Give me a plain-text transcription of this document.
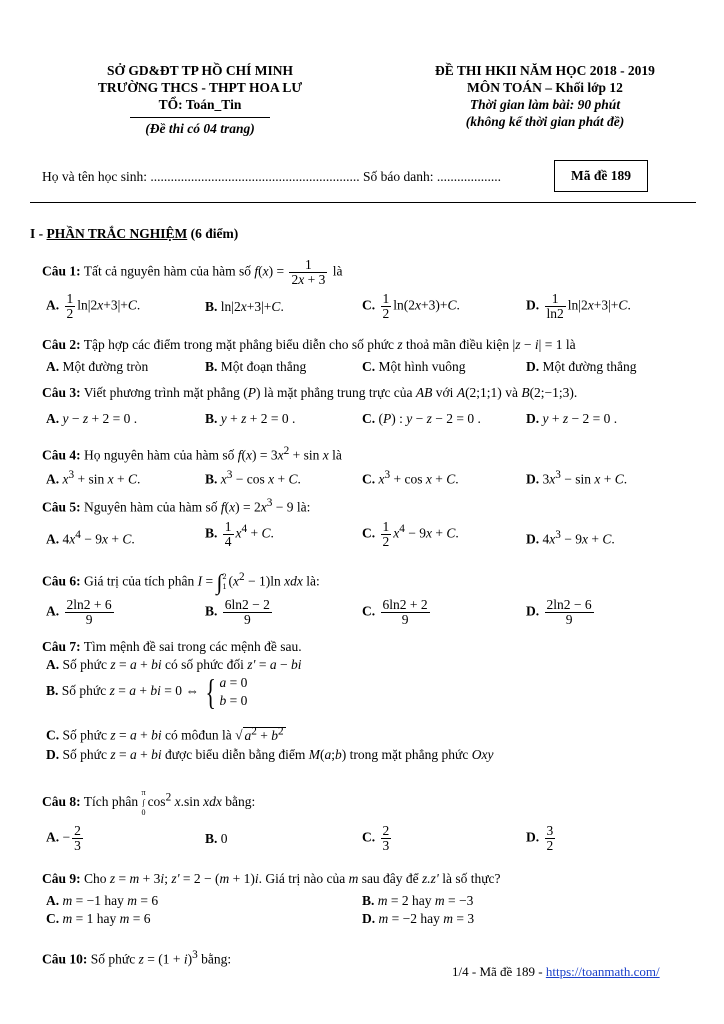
SỞ GD&ĐT TP HỒ CHÍ MINH
TRƯỜNG THCS - THPT HOA LƯ
TỔ: Toán_Tin
(Đề thi có 04 trang)
ĐỀ THI HKII NĂM HỌC 2018 - 2019
MÔN TOÁN – Khối lớp 12
Thời gian làm bài: 90 phút
(không kể thời gian phát đề)
Họ và tên học sinh: .............................................................. Số báo danh: ...................	Mã đề 189
I - PHẦN TRẮC NGHIỆM (6 điểm)
Câu 1: Tất cả nguyên hàm của hàm số $f(x) = \frac{1}{2x + 3}$ là
A. $\frac{1}{2} \ln|2x+3|+C$.	B. ln|2x+3|+C.	C. $\frac{1}{2} \ln(2x+3)+C$.	D. $\frac{1}{\ln 2} \ln|2x+3|+C$.
Câu 2: Tập hợp các điểm trong mặt phẳng biểu diễn cho số phức z thoả mãn điều kiện |z − i| = 1 là
A. Một đường tròn	B. Một đoạn thẳng	C. Một hình vuông	D. Một đường thẳng
Câu 3: Viết phương trình mặt phẳng (P) là mặt phẳng trung trực của AB với A(2;1;1) và B(2;−1;3).
A. y − z + 2 = 0 .	B. y + z + 2 = 0 .	C. (P) : y − z − 2 = 0 .	D. y + z − 2 = 0 .
Câu 4: Họ nguyên hàm của hàm số $f(x) = 3x^2 + \sin x$ là
A. $x^3 + \sin x + C$.	B. $x^3 - \cos x + C$.	C. $x^3 + \cos x + C$.	D. $3x^3 - \sin x + C$.
Câu 5: Nguyên hàm của hàm số $f(x) = 2x^3 - 9$ là:
A. $4x^4 - 9x + C$.	B. $\frac{1}{4} x^4 + C$.	C. $\frac{1}{2} x^4 - 9x + C$.	D. $4x^3 - 9x + C$.
Câu 6: Giá trị của tích phân I = ∫2
1 $(x^2 - 1)\ln$ xdx là:
A. $\frac{2\ln 2 + 6}{9}$	B. $\frac{6\ln 2 - 2}{9}$	C. $\frac{6\ln 2 + 2}{9}$	D. $\frac{2\ln 2 - 6}{9}$
Câu 7: Tìm mệnh đề sai trong các mệnh đề sau.
A. Số phức z = a + bi có số phức đối z' = a − bi
B. Số phức z = a + bi = 0 ⇔ { a = 0
b = 0
C. Số phức z = a + bi có môđun là √ $a^2 + b^2$
D. Số phức z = a + bi được biểu diễn bằng điểm M(a;b) trong mặt phẳng phức Oxy
Câu 8: Tích phân π
∫
$0\cos^2$ x.sin xdx bằng:
A. − $\frac{2}{3}$	B. 0	C. $\frac{2}{3}$	D. $\frac{3}{2}$
Câu 9: Cho z = m + 3i; z' = 2 − (m + 1)i. Giá trị nào của m sau đây để z.z' là số thực?
A. m = −1 hay m = 6	B. m = 2 hay m = −3
C. m = 1 hay m = 6	D. m = −2 hay m = 3
Câu 10: Số phức $z = (1 + i)^3$ bằng:
1/4 - Mã đề 189 - https://toanmath.com/
